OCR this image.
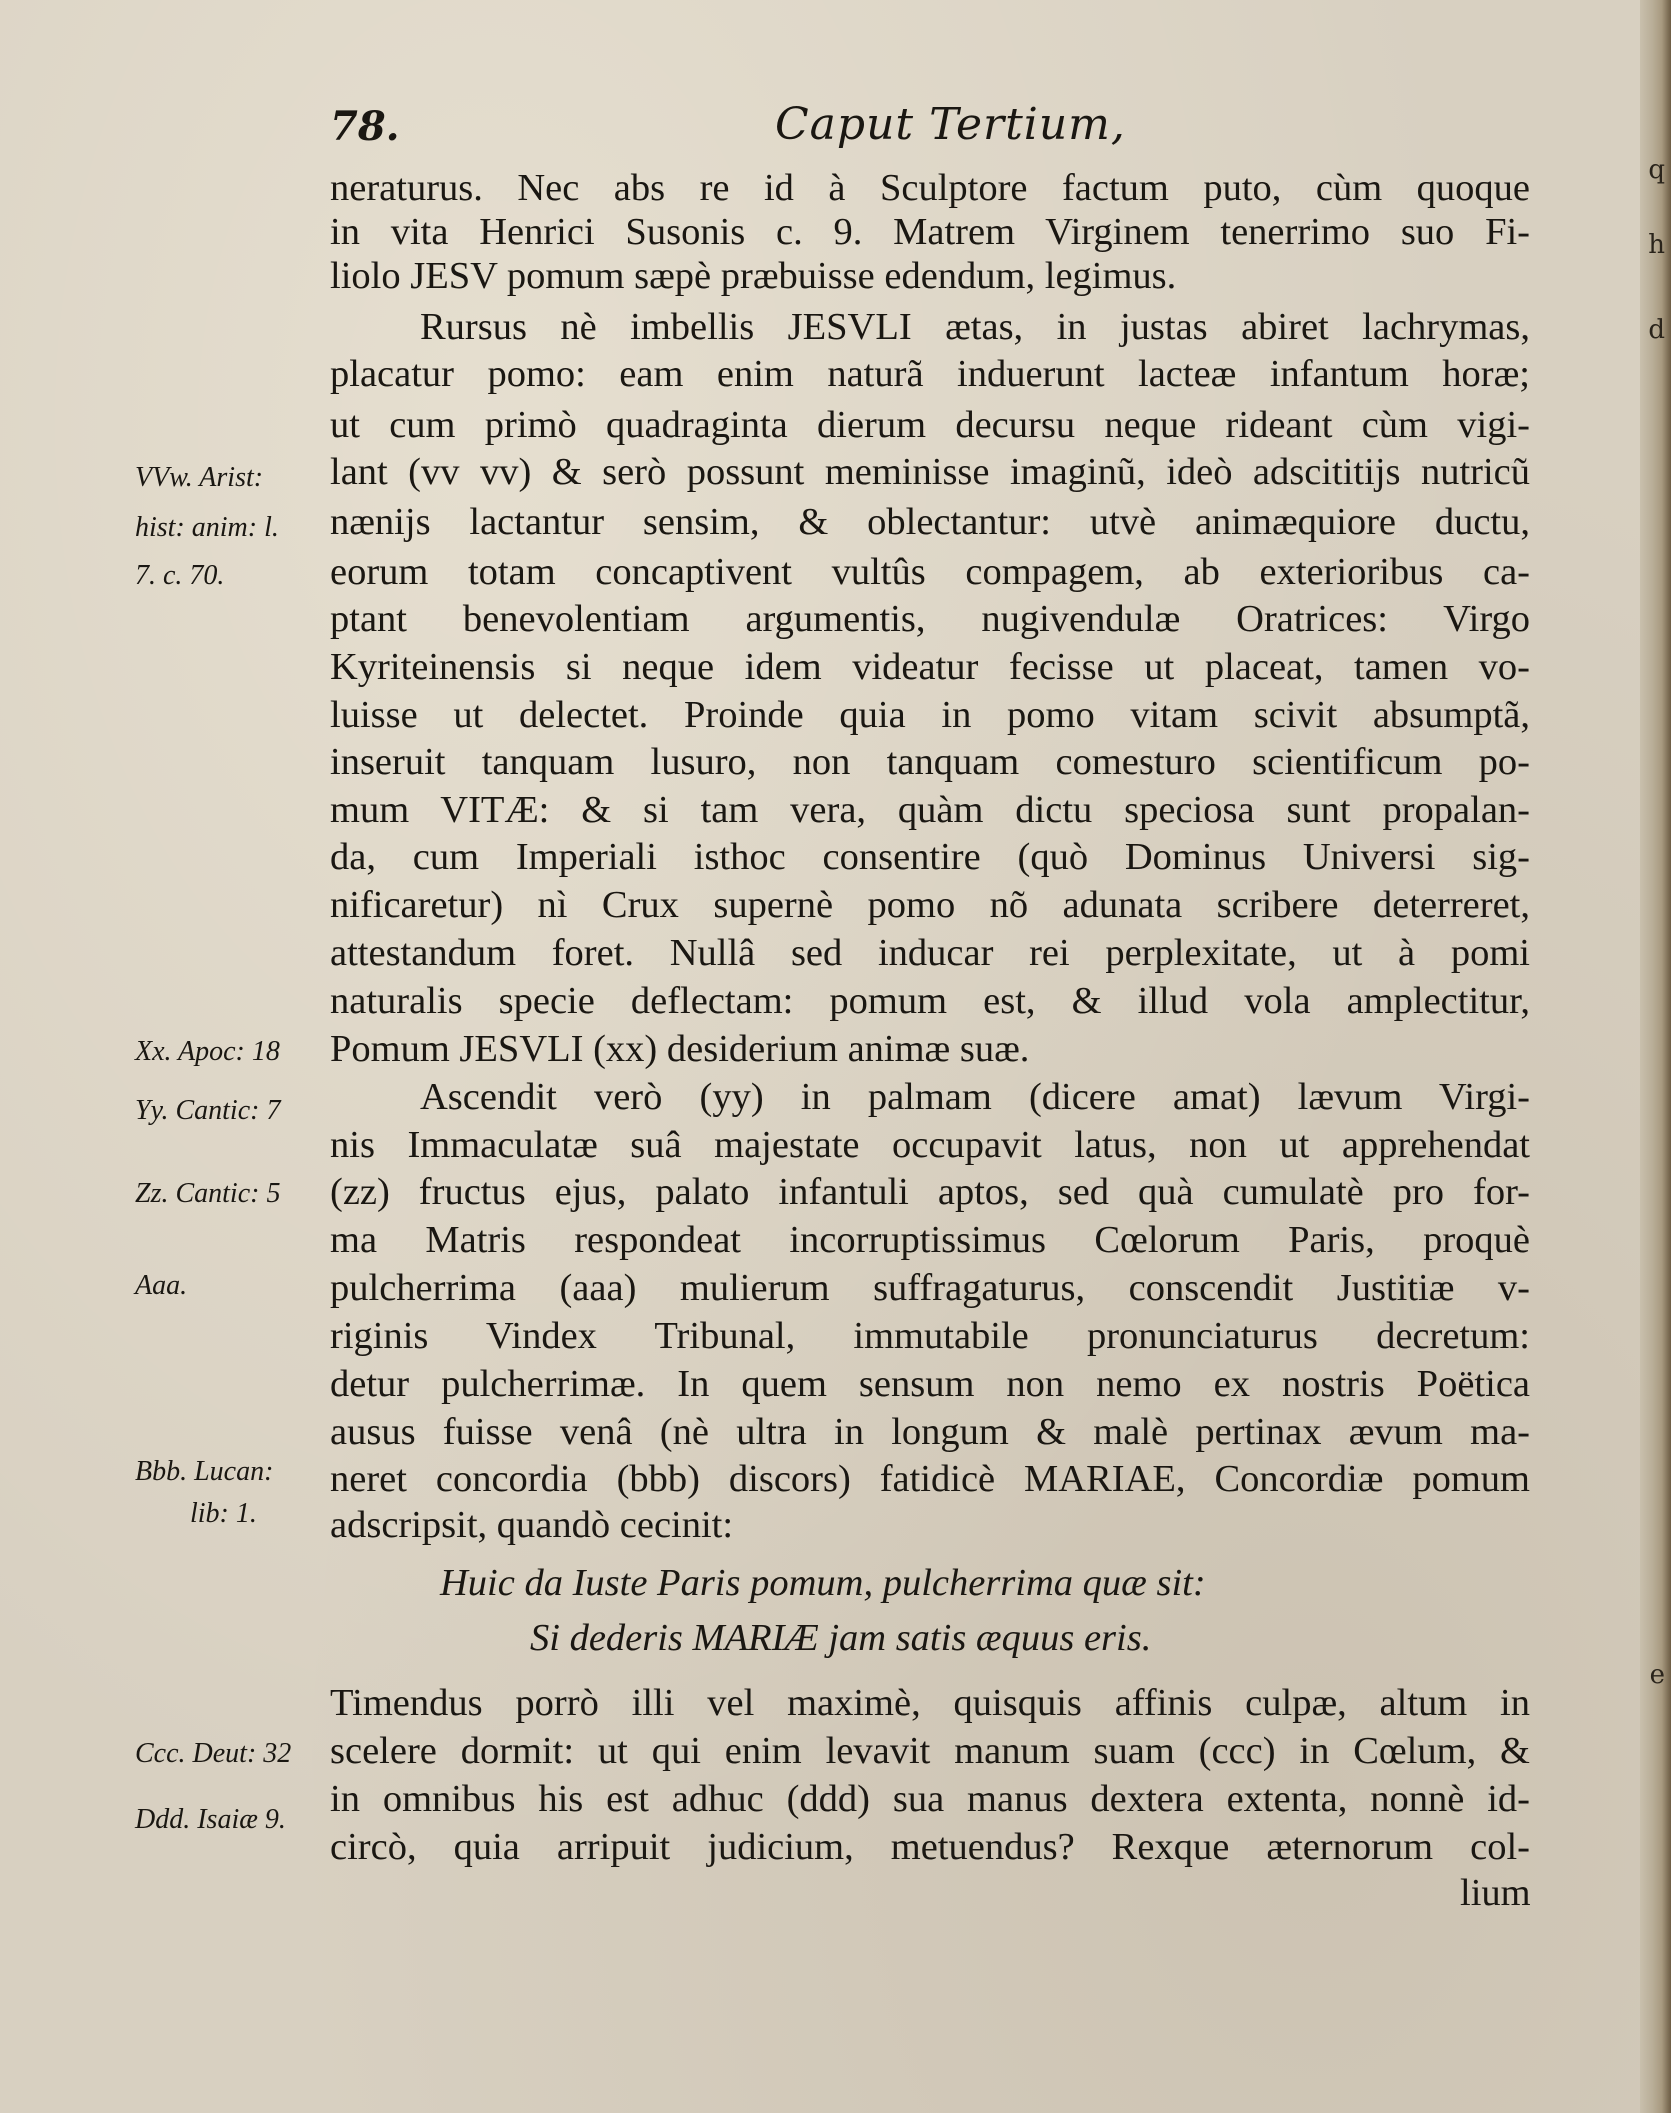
78.	Caput Tertium,
neraturus. Nec abs re id à Sculptore factum puto, cùm quoque
in vita Henrici Susonis c. 9. Matrem Virginem tenerrimo suo Fi-
liolo JESV pomum sæpè præbuisse edendum, legimus.
Rursus nè imbellis JESVLI ætas, in justas abiret lachrymas,
placatur pomo: eam enim naturã induerunt lacteæ infantum horæ;
ut cum primò quadraginta dierum decursu neque rideant cùm vigi-
lant (vv vv) & serò possunt meminisse imaginũ, ideò adscititijs nutricũ
nænijs lactantur sensim, & oblectantur: utvè animæquiore ductu,
eorum totam concaptivent vultûs compagem, ab exterioribus ca-
ptant benevolentiam argumentis, nugivendulæ Oratrices: Virgo
Kyriteinensis si neque idem videatur fecisse ut placeat, tamen vo-
luisse ut delectet. Proinde quia in pomo vitam scivit absumptã,
inseruit tanquam lusuro, non tanquam comesturo scientificum po-
mum VITÆ: & si tam vera, quàm dictu speciosa sunt propalan-
da, cum Imperiali isthoc consentire (quò Dominus Universi sig-
nificaretur) nì Crux supernè pomo nõ adunata scribere deterreret,
attestandum foret. Nullâ sed inducar rei perplexitate, ut à pomi
naturalis specie deflectam: pomum est, & illud vola amplectitur,
Pomum JESVLI (xx) desiderium animæ suæ.
Ascendit verò (yy) in palmam (dicere amat) lævum Virgi-
nis Immaculatæ suâ majestate occupavit latus, non ut apprehendat
(zz) fructus ejus, palato infantuli aptos, sed quà cumulatè pro for-
ma Matris respondeat incorruptissimus Cœlorum Paris, proquè
pulcherrima (aaa) mulierum suffragaturus, conscendit Justitiæ v-
riginis Vindex Tribunal, immutabile pronunciaturus decretum:
detur pulcherrimæ. In quem sensum non nemo ex nostris Poëtica
ausus fuisse venâ (nè ultra in longum & malè pertinax ævum ma-
neret concordia (bbb) discors) fatidicè MARIAE, Concordiæ pomum
adscripsit, quandò cecinit:
Huic da Iuste Paris pomum, pulcherrima quæ sit:
Si dederis MARIÆ jam satis æquus eris.
Timendus porrò illi vel maximè, quisquis affinis culpæ, altum in
scelere dormit: ut qui enim levavit manum suam (ccc) in Cœlum, &
in omnibus his est adhuc (ddd) sua manus dextera extenta, nonnè id-
circò, quia arripuit judicium, metuendus? Rexque æternorum col-
lium
VVw. Arist:
hist: anim: l.
7. c. 70.
Xx. Apoc: 18
Yy. Cantic: 7
Zz. Cantic: 5
Aaa.
Bbb. Lucan:
lib: 1.
Ccc. Deut: 32
Ddd. Isaiæ 9.
q
h
d
e
